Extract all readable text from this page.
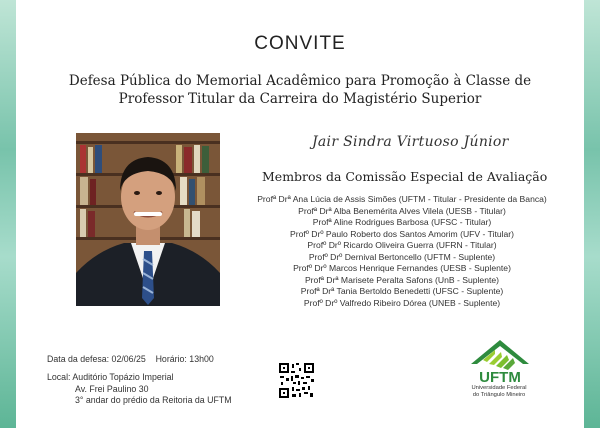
CONVITE
Defesa Pública do Memorial Acadêmico para Promoção à Classe de
Professor Titular da Carreira do Magistério Superior
Jair Sindra Virtuoso Júnior
Membros da Comissão Especial de Avaliação
Profª Drª Ana Lúcia de Assis Simões (UFTM - Titular - Presidente da Banca)
Profª Drª Alba Benemérita Alves Vilela (UESB - Titular)
Profª Aline Rodrigues Barbosa (UFSC - Titular)
Profº Drº Paulo Roberto dos Santos Amorim (UFV - Titular)
Profº Drº Ricardo Oliveira Guerra (UFRN - Titular)
Profº Drº Dernival Bertoncello (UFTM - Suplente)
Profº Drº Marcos Henrique Fernandes (UESB - Suplente)
Profª Drª Marisete Peralta Safons (UnB - Suplente)
Profª Drª Tania Bertoldo Benedetti (UFSC - Suplente)
Profº Drº Valfredo Ribeiro Dórea (UNEB - Suplente)
Data da defesa: 02/06/25    Horário: 13h00
Local: Auditório Topázio Imperial
Av. Frei Paulino 30
3° andar do prédio da Reitoria da UFTM
UFTM
Universidade Federal
do Triângulo Mineiro
